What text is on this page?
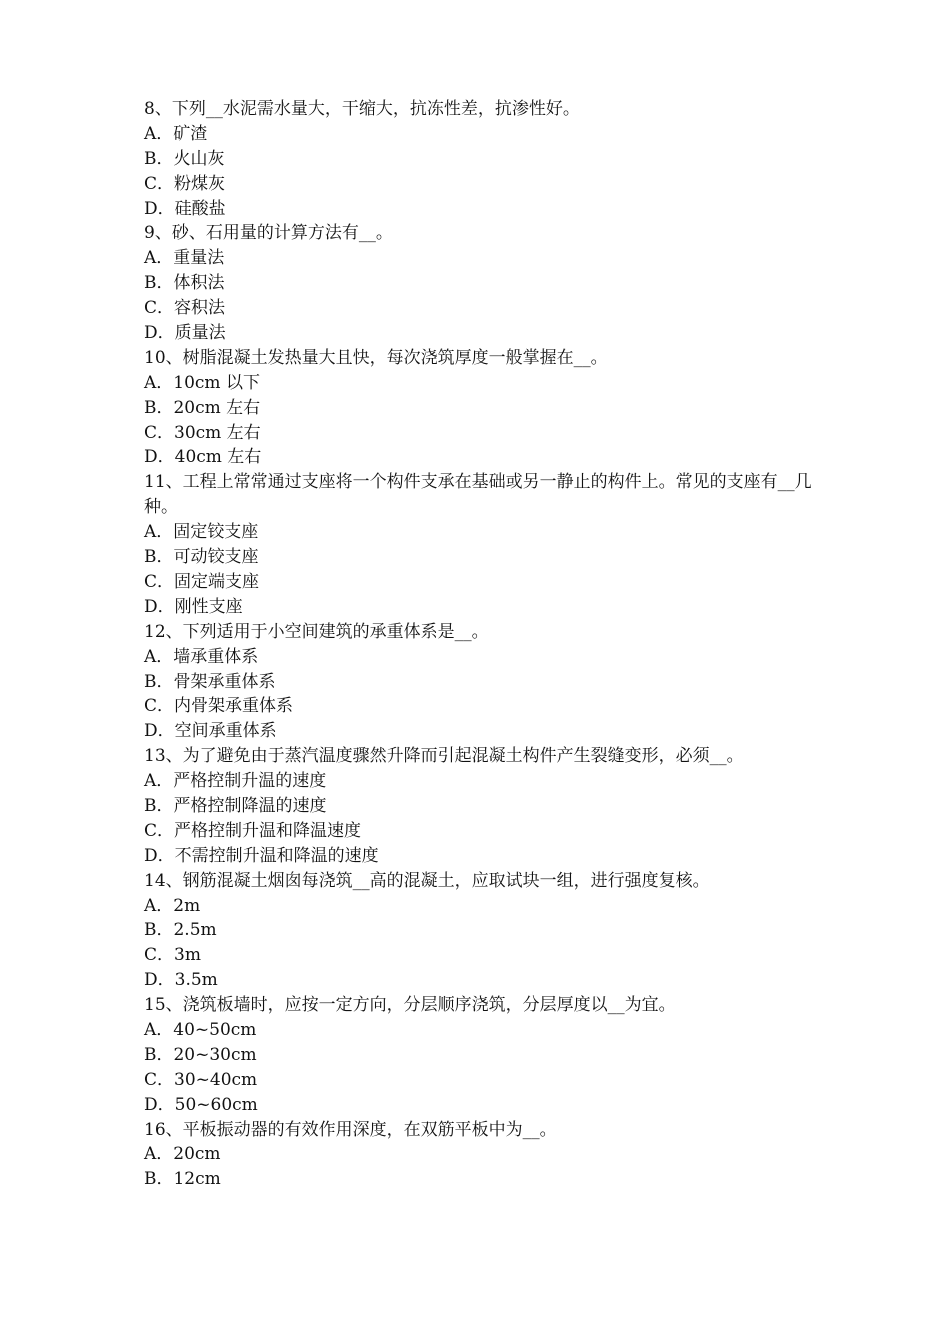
8、下列__水泥需水量大，干缩大，抗冻性差，抗渗性好。
A．矿渣
B．火山灰
C．粉煤灰
D．硅酸盐
9、砂、石用量的计算方法有__。
A．重量法
B．体积法
C．容积法
D．质量法
10、树脂混凝土发热量大且快，每次浇筑厚度一般掌握在__。
A．10cm 以下
B．20cm 左右
C．30cm 左右
D．40cm 左右
11、工程上常常通过支座将一个构件支承在基础或另一静止的构件上。常见的支座有__几种。
A．固定铰支座
B．可动铰支座
C．固定端支座
D．刚性支座
12、下列适用于小空间建筑的承重体系是__。
A．墙承重体系
B．骨架承重体系
C．内骨架承重体系
D．空间承重体系
13、为了避免由于蒸汽温度骤然升降而引起混凝土构件产生裂缝变形，必须__。
A．严格控制升温的速度
B．严格控制降温的速度
C．严格控制升温和降温速度
D．不需控制升温和降温的速度
14、钢筋混凝土烟囱每浇筑__高的混凝土，应取试块一组，进行强度复核。
A．2m
B．2.5m
C．3m
D．3.5m
15、浇筑板墙时，应按一定方向，分层顺序浇筑，分层厚度以__为宜。
A．40~50cm
B．20~30cm
C．30~40cm
D．50~60cm
16、平板振动器的有效作用深度，在双筋平板中为__。
A．20cm
B．12cm
